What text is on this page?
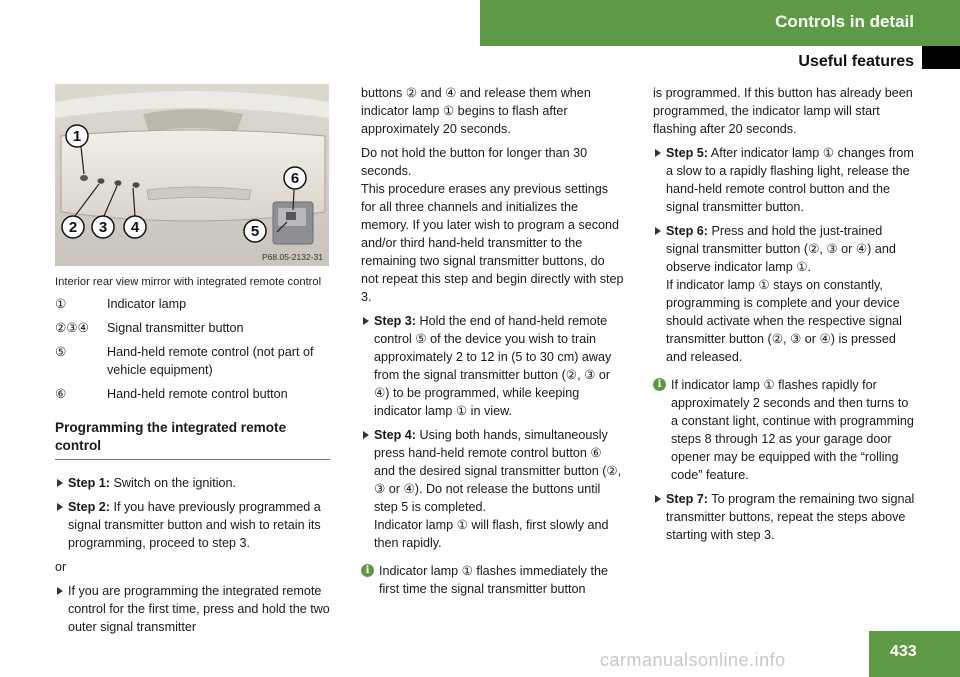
Controls in detail
Useful features
1
2 3 4	5
6
P68.05-2132-31
Interior rear view mirror with integrated remote control
①	Indicator lamp
②③④	Signal transmitter button
⑤	Hand-held remote control (not part of vehicle equipment)
⑥	Hand-held remote control button
Programming the integrated remote control
Step 1: Switch on the ignition.
Step 2: If you have previously programmed a signal transmitter button and wish to retain its programming, proceed to step 3.
or
If you are programming the integrated remote control for the first time, press and hold the two outer signal transmitter
buttons ② and ④ and release them when indicator lamp ① begins to flash after approximately 20 seconds.
Do not hold the button for longer than 30 seconds.
This procedure erases any previous settings for all three channels and initializes the memory. If you later wish to program a second and/or third hand-held transmitter to the remaining two signal transmitter buttons, do not repeat this step and begin directly with step 3.
Step 3: Hold the end of hand-held remote control ⑤ of the device you wish to train approximately 2 to 12 in (5 to 30 cm) away from the signal transmitter button (②, ③ or ④) to be programmed, while keeping indicator lamp ① in view.
Step 4: Using both hands, simultaneously press hand-held remote control button ⑥ and the desired signal transmitter button (②, ③ or ④). Do not release the buttons until step 5 is completed.
Indicator lamp ① will flash, first slowly and then rapidly.
i Indicator lamp ① flashes immediately the first time the signal transmitter button
is programmed. If this button has already been programmed, the indicator lamp will start flashing after 20 seconds.
Step 5: After indicator lamp ① changes from a slow to a rapidly flashing light, release the hand-held remote control button and the signal transmitter button.
Step 6: Press and hold the just-trained signal transmitter button (②, ③ or ④) and observe indicator lamp ①.
If indicator lamp ① stays on constantly, programming is complete and your device should activate when the respective signal transmitter button (②, ③ or ④) is pressed and released.
i If indicator lamp ① flashes rapidly for approximately 2 seconds and then turns to a constant light, continue with programming steps 8 through 12 as your garage door opener may be equipped with the “rolling code” feature.
Step 7: To program the remaining two signal transmitter buttons, repeat the steps above starting with step 3.
carmanualsonline.info	433
